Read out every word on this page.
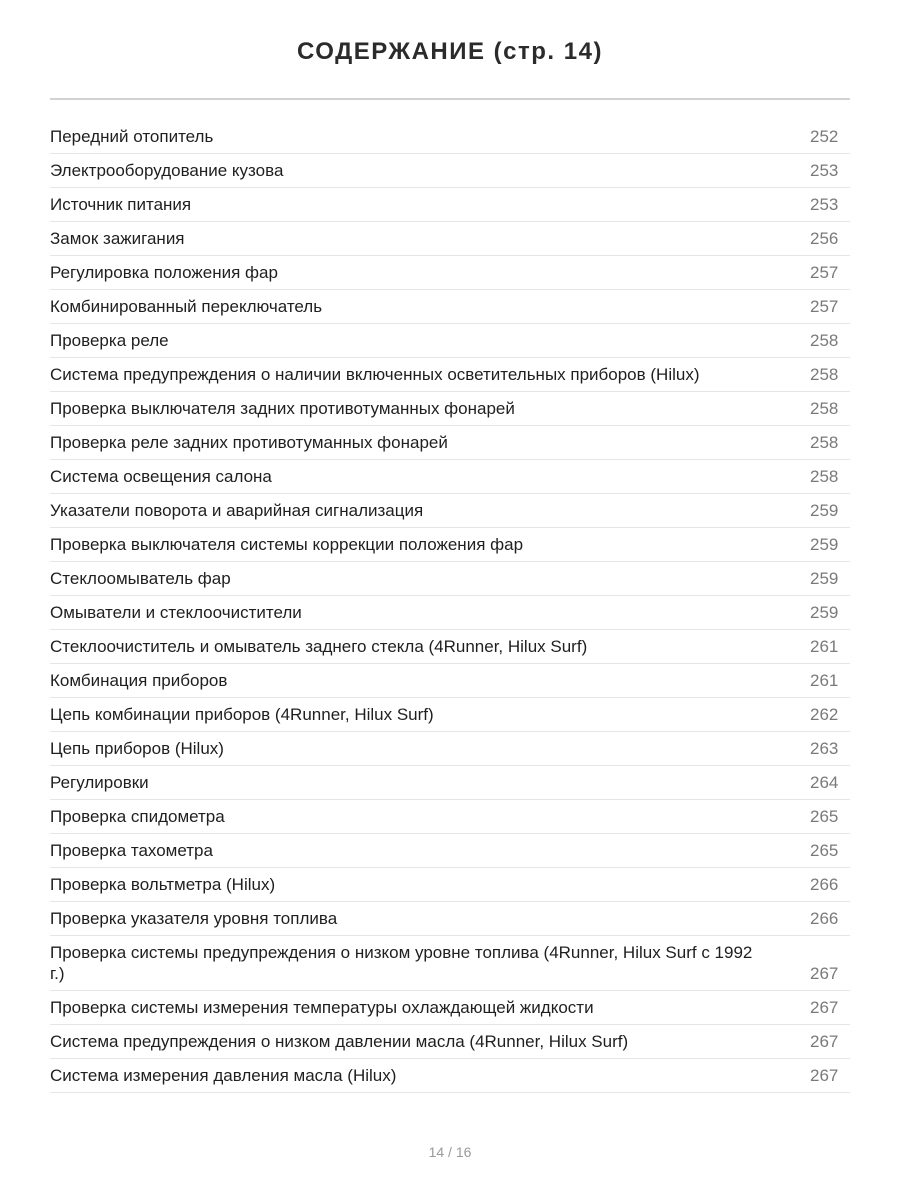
СОДЕРЖАНИЕ (стр. 14)
Передний отопитель	252
Электрооборудование кузова	253
Источник питания	253
Замок зажигания	256
Регулировка положения фар	257
Комбинированный переключатель	257
Проверка реле	258
Система предупреждения о наличии включенных осветительных приборов (Hilux)	258
Проверка выключателя задних противотуманных фонарей	258
Проверка реле задних противотуманных фонарей	258
Система освещения салона	258
Указатели поворота и аварийная сигнализация	259
Проверка выключателя системы коррекции положения фар	259
Стеклоомыватель фар	259
Омыватели и стеклоочистители	259
Стеклоочиститель и омыватель заднего стекла (4Runner, Hilux Surf)	261
Комбинация приборов	261
Цепь комбинации приборов (4Runner, Hilux Surf)	262
Цепь приборов (Hilux)	263
Регулировки	264
Проверка спидометра	265
Проверка тахометра	265
Проверка вольтметра (Hilux)	266
Проверка указателя уровня топлива	266
Проверка системы предупреждения о низком уровне топлива (4Runner, Hilux Surf с 1992 г.)	267
Проверка системы измерения температуры охлаждающей жидкости	267
Система предупреждения о низком давлении масла (4Runner, Hilux Surf)	267
Система измерения давления масла (Hilux)	267
14 / 16
